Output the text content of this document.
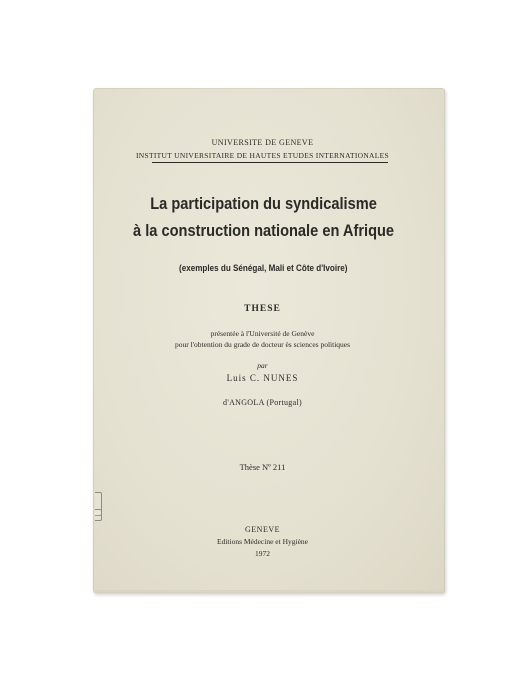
UNIVERSITE DE GENEVE
INSTITUT UNIVERSITAIRE DE HAUTES ETUDES INTERNATIONALES
La participation du syndicalisme
à la construction nationale en Afrique
(exemples du Sénégal, Mali et Côte d'Ivoire)
THESE
présentée à l'Université de Genève
pour l'obtention du grade de docteur ès sciences politiques
par
Luis C. NUNES
d'ANGOLA (Portugal)
Thèse Nº 211
GENEVE
Editions Médecine et Hygiène
1972
